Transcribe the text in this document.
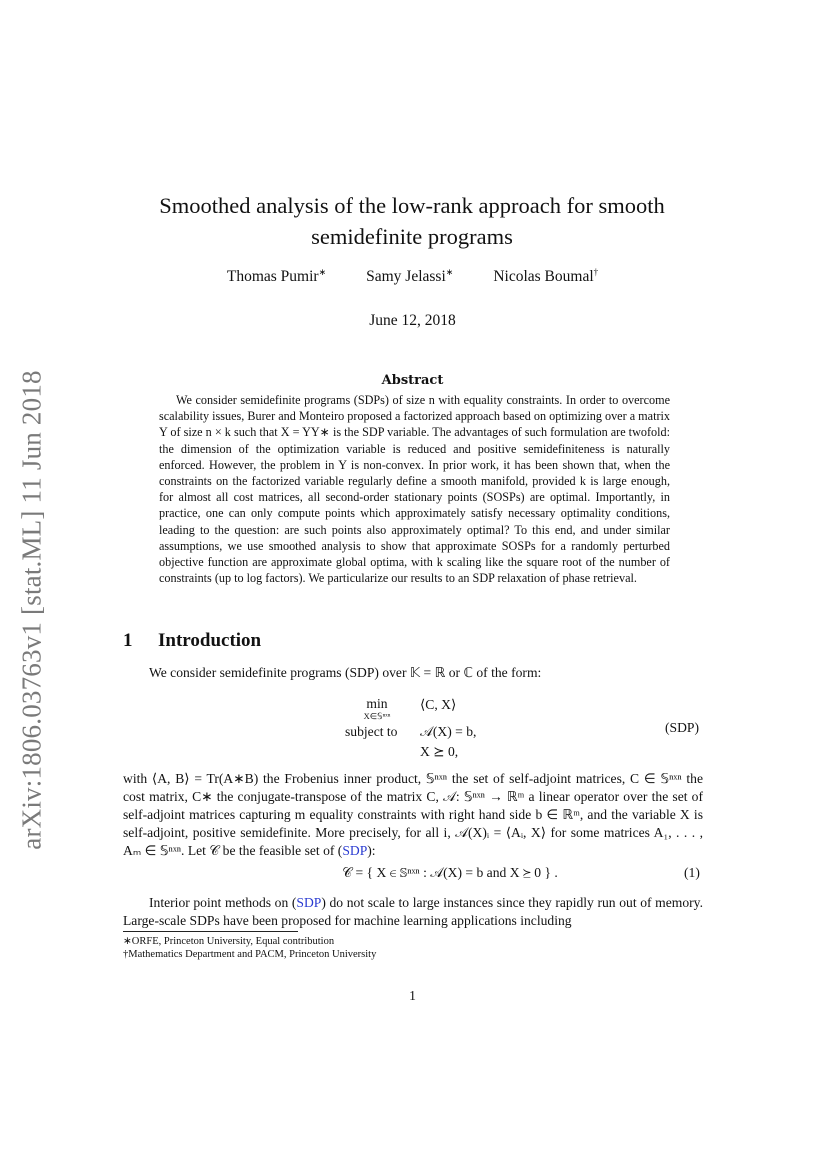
arXiv:1806.03763v1 [stat.ML] 11 Jun 2018
Smoothed analysis of the low-rank approach for smooth
semidefinite programs
Thomas Pumir∗	Samy Jelassi∗	Nicolas Boumal†
June 12, 2018
Abstract
We consider semidefinite programs (SDPs) of size n with equality constraints. In order to overcome scalability issues, Burer and Monteiro proposed a factorized approach based on optimizing over a matrix Y of size n × k such that X = YY∗ is the SDP variable. The advantages of such formulation are twofold: the dimension of the optimization variable is reduced and positive semidefiniteness is naturally enforced. However, the problem in Y is non-convex. In prior work, it has been shown that, when the constraints on the factorized variable regularly define a smooth manifold, provided k is large enough, for almost all cost matrices, all second-order stationary points (SOSPs) are optimal. Importantly, in practice, one can only compute points which approximately satisfy necessary optimality conditions, leading to the question: are such points also approximately optimal? To this end, and under similar assumptions, we use smoothed analysis to show that approximate SOSPs for a randomly perturbed objective function are approximate global optima, with k scaling like the square root of the number of constraints (up to log factors). We particularize our results to an SDP relaxation of phase retrieval.
1 Introduction
We consider semidefinite programs (SDP) over 𝕂 = ℝ or ℂ of the form:
min
X∈𝕊ⁿˣⁿ
⟨C, X⟩
subject to 𝒜(X) = b,
X ⪰ 0,
(SDP)
with ⟨A, B⟩ = Tr(A∗B) the Frobenius inner product, 𝕊ⁿˣⁿ the set of self-adjoint matrices, C ∈ 𝕊ⁿˣⁿ the cost matrix, C∗ the conjugate-transpose of the matrix C, 𝒜: 𝕊ⁿˣⁿ → ℝᵐ a linear operator over the set of self-adjoint matrices capturing m equality constraints with right hand side b ∈ ℝᵐ, and the variable X is self-adjoint, positive semidefinite. More precisely, for all i, 𝒜(X)ᵢ = ⟨Aᵢ, X⟩ for some matrices A₁, . . . , Aₘ ∈ 𝕊ⁿˣⁿ. Let 𝒞 be the feasible set of (SDP):
𝒞 = { X ∈ 𝕊ⁿˣⁿ : 𝒜(X) = b and X ⪰ 0 } .	(1)
Interior point methods on (SDP) do not scale to large instances since they rapidly run out of memory. Large-scale SDPs have been proposed for machine learning applications including
∗ORFE, Princeton University, Equal contribution
†Mathematics Department and PACM, Princeton University
1
